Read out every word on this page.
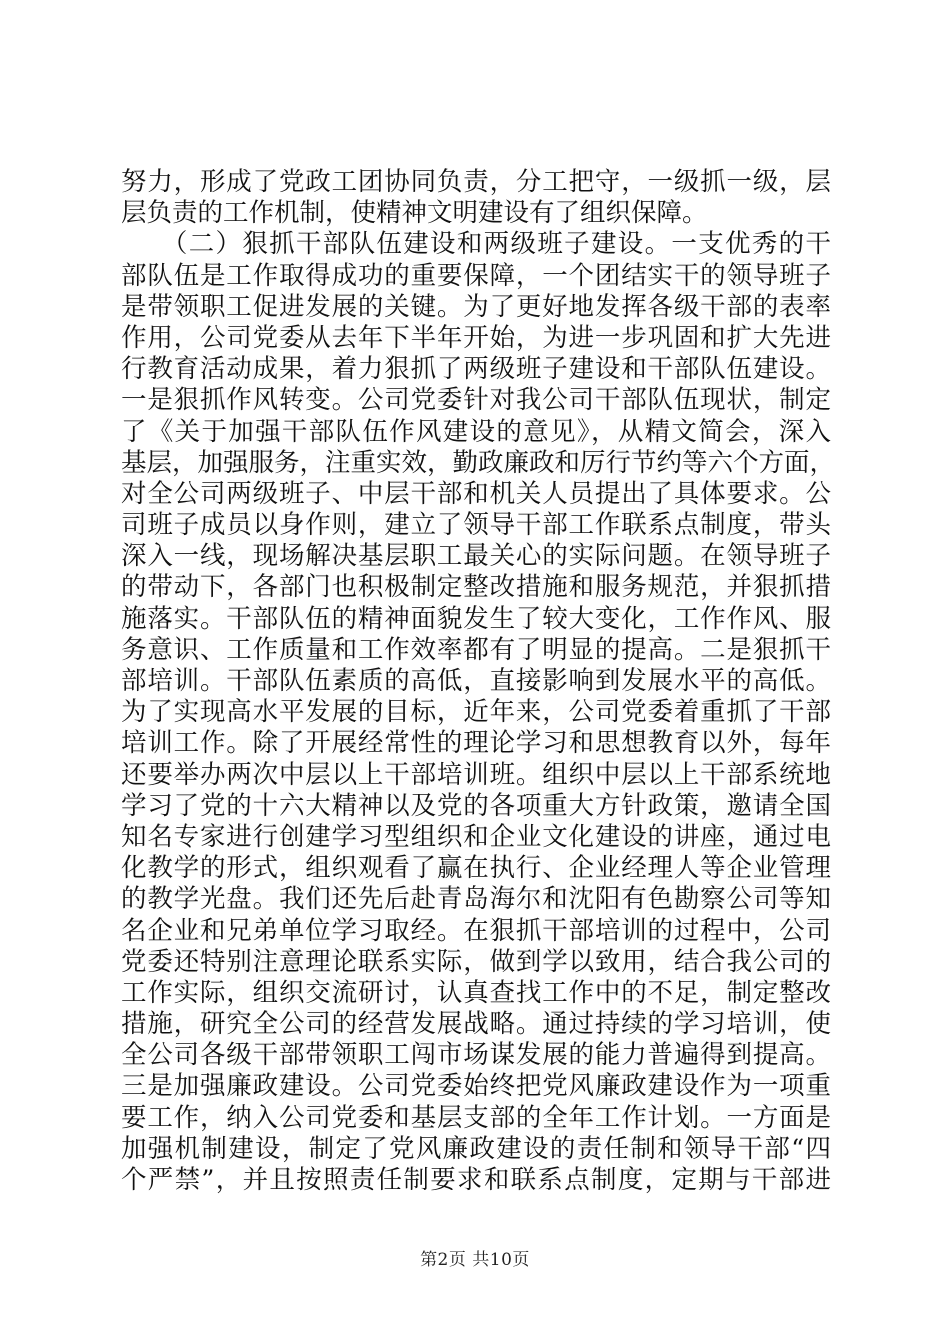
努力，形成了党政工团协同负责，分工把守，一级抓一级，层
层负责的工作机制，使精神文明建设有了组织保障。
　　（二）狠抓干部队伍建设和两级班子建设。一支优秀的干
部队伍是工作取得成功的重要保障，一个团结实干的领导班子
是带领职工促进发展的关键。为了更好地发挥各级干部的表率
作用，公司党委从去年下半年开始，为进一步巩固和扩大先进
行教育活动成果，着力狠抓了两级班子建设和干部队伍建设。
一是狠抓作风转变。公司党委针对我公司干部队伍现状，制定
了《关于加强干部队伍作风建设的意见》，从精文简会，深入
基层，加强服务，注重实效，勤政廉政和厉行节约等六个方面，
对全公司两级班子、中层干部和机关人员提出了具体要求。公
司班子成员以身作则，建立了领导干部工作联系点制度，带头
深入一线，现场解决基层职工最关心的实际问题。在领导班子
的带动下，各部门也积极制定整改措施和服务规范，并狠抓措
施落实。干部队伍的精神面貌发生了较大变化，工作作风、服
务意识、工作质量和工作效率都有了明显的提高。二是狠抓干
部培训。干部队伍素质的高低，直接影响到发展水平的高低。
为了实现高水平发展的目标，近年来，公司党委着重抓了干部
培训工作。除了开展经常性的理论学习和思想教育以外，每年
还要举办两次中层以上干部培训班。组织中层以上干部系统地
学习了党的十六大精神以及党的各项重大方针政策，邀请全国
知名专家进行创建学习型组织和企业文化建设的讲座，通过电
化教学的形式，组织观看了赢在执行、企业经理人等企业管理
的教学光盘。我们还先后赴青岛海尔和沈阳有色勘察公司等知
名企业和兄弟单位学习取经。在狠抓干部培训的过程中，公司
党委还特别注意理论联系实际，做到学以致用，结合我公司的
工作实际，组织交流研讨，认真查找工作中的不足，制定整改
措施，研究全公司的经营发展战略。通过持续的学习培训，使
全公司各级干部带领职工闯市场谋发展的能力普遍得到提高。
三是加强廉政建设。公司党委始终把党风廉政建设作为一项重
要工作，纳入公司党委和基层支部的全年工作计划。一方面是
加强机制建设，制定了党风廉政建设的责任制和领导干部“四
个严禁”，并且按照责任制要求和联系点制度，定期与干部进
第2页 共10页
